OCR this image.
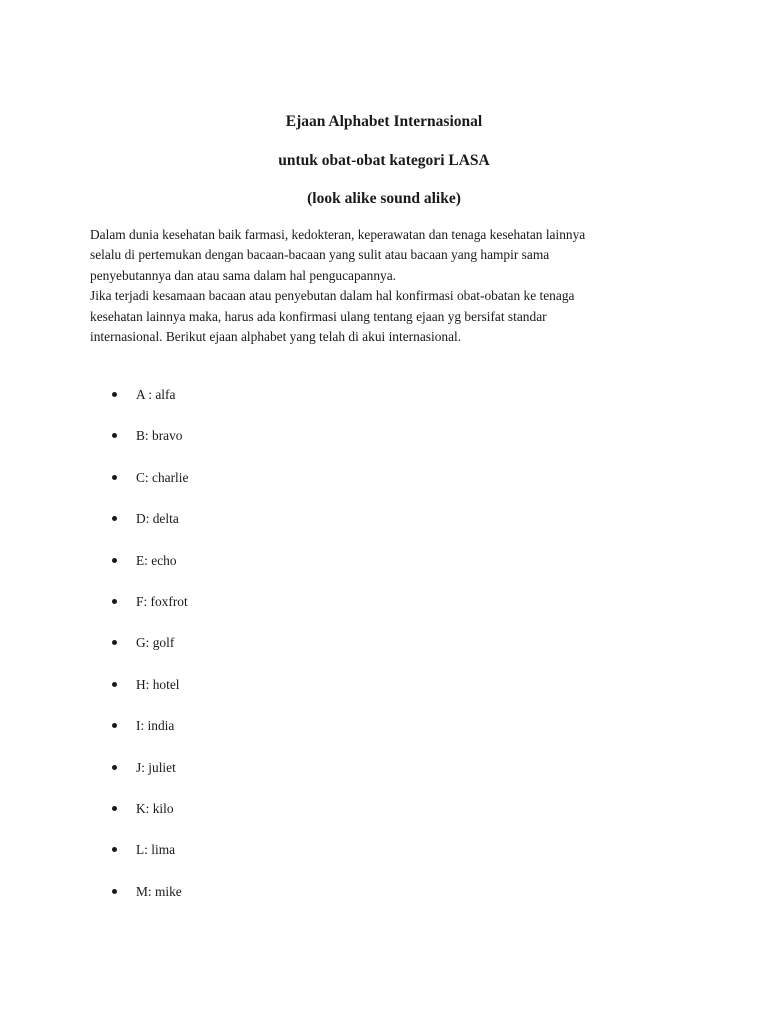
Ejaan Alphabet Internasional
untuk obat-obat kategori LASA
(look alike sound alike)

Dalam dunia kesehatan baik farmasi, kedokteran, keperawatan dan tenaga kesehatan lainnya
selalu di pertemukan dengan bacaan-bacaan yang sulit atau bacaan yang hampir sama
penyebutannya dan atau sama dalam hal pengucapannya.

Jika terjadi kesamaan bacaan atau penyebutan dalam hal konfirmasi obat-obatan ke tenaga
kesehatan lainnya maka, harus ada konfirmasi ulang tentang ejaan yg bersifat standar
internasional. Berikut ejaan alphabet yang telah di akui internasional.

A : alfa
B: bravo
C: charlie
D: delta
E: echo
F: foxfrot
G: golf
H: hotel
I: india
J: juliet
K: kilo
L: lima
M: mike
